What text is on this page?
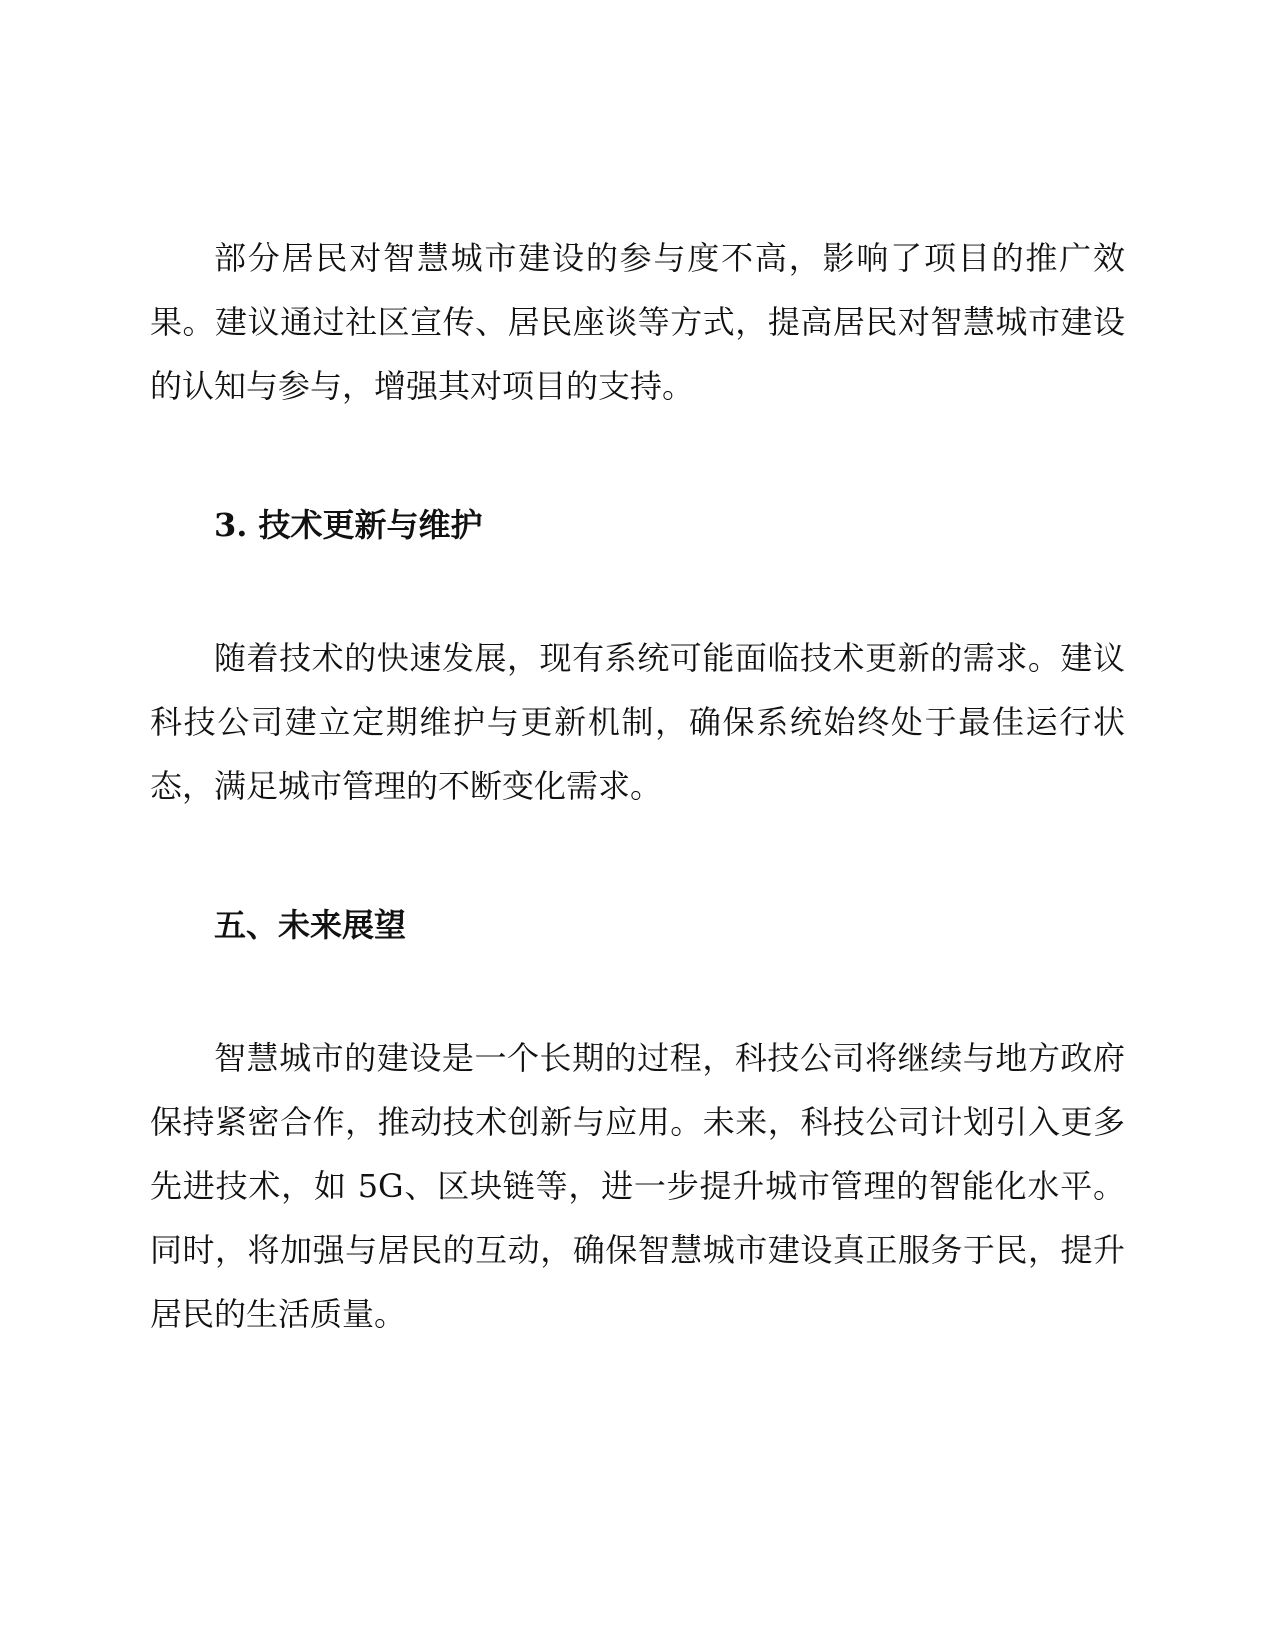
部分居民对智慧城市建设的参与度不高，影响了项目的推广效果。建议通过社区宣传、居民座谈等方式，提高居民对智慧城市建设的认知与参与，增强其对项目的支持。

3. 技术更新与维护

随着技术的快速发展，现有系统可能面临技术更新的需求。建议科技公司建立定期维护与更新机制，确保系统始终处于最佳运行状态，满足城市管理的不断变化需求。

五、未来展望

智慧城市的建设是一个长期的过程，科技公司将继续与地方政府保持紧密合作，推动技术创新与应用。未来，科技公司计划引入更多先进技术，如 5G、区块链等，进一步提升城市管理的智能化水平。同时，将加强与居民的互动，确保智慧城市建设真正服务于民，提升居民的生活质量。
